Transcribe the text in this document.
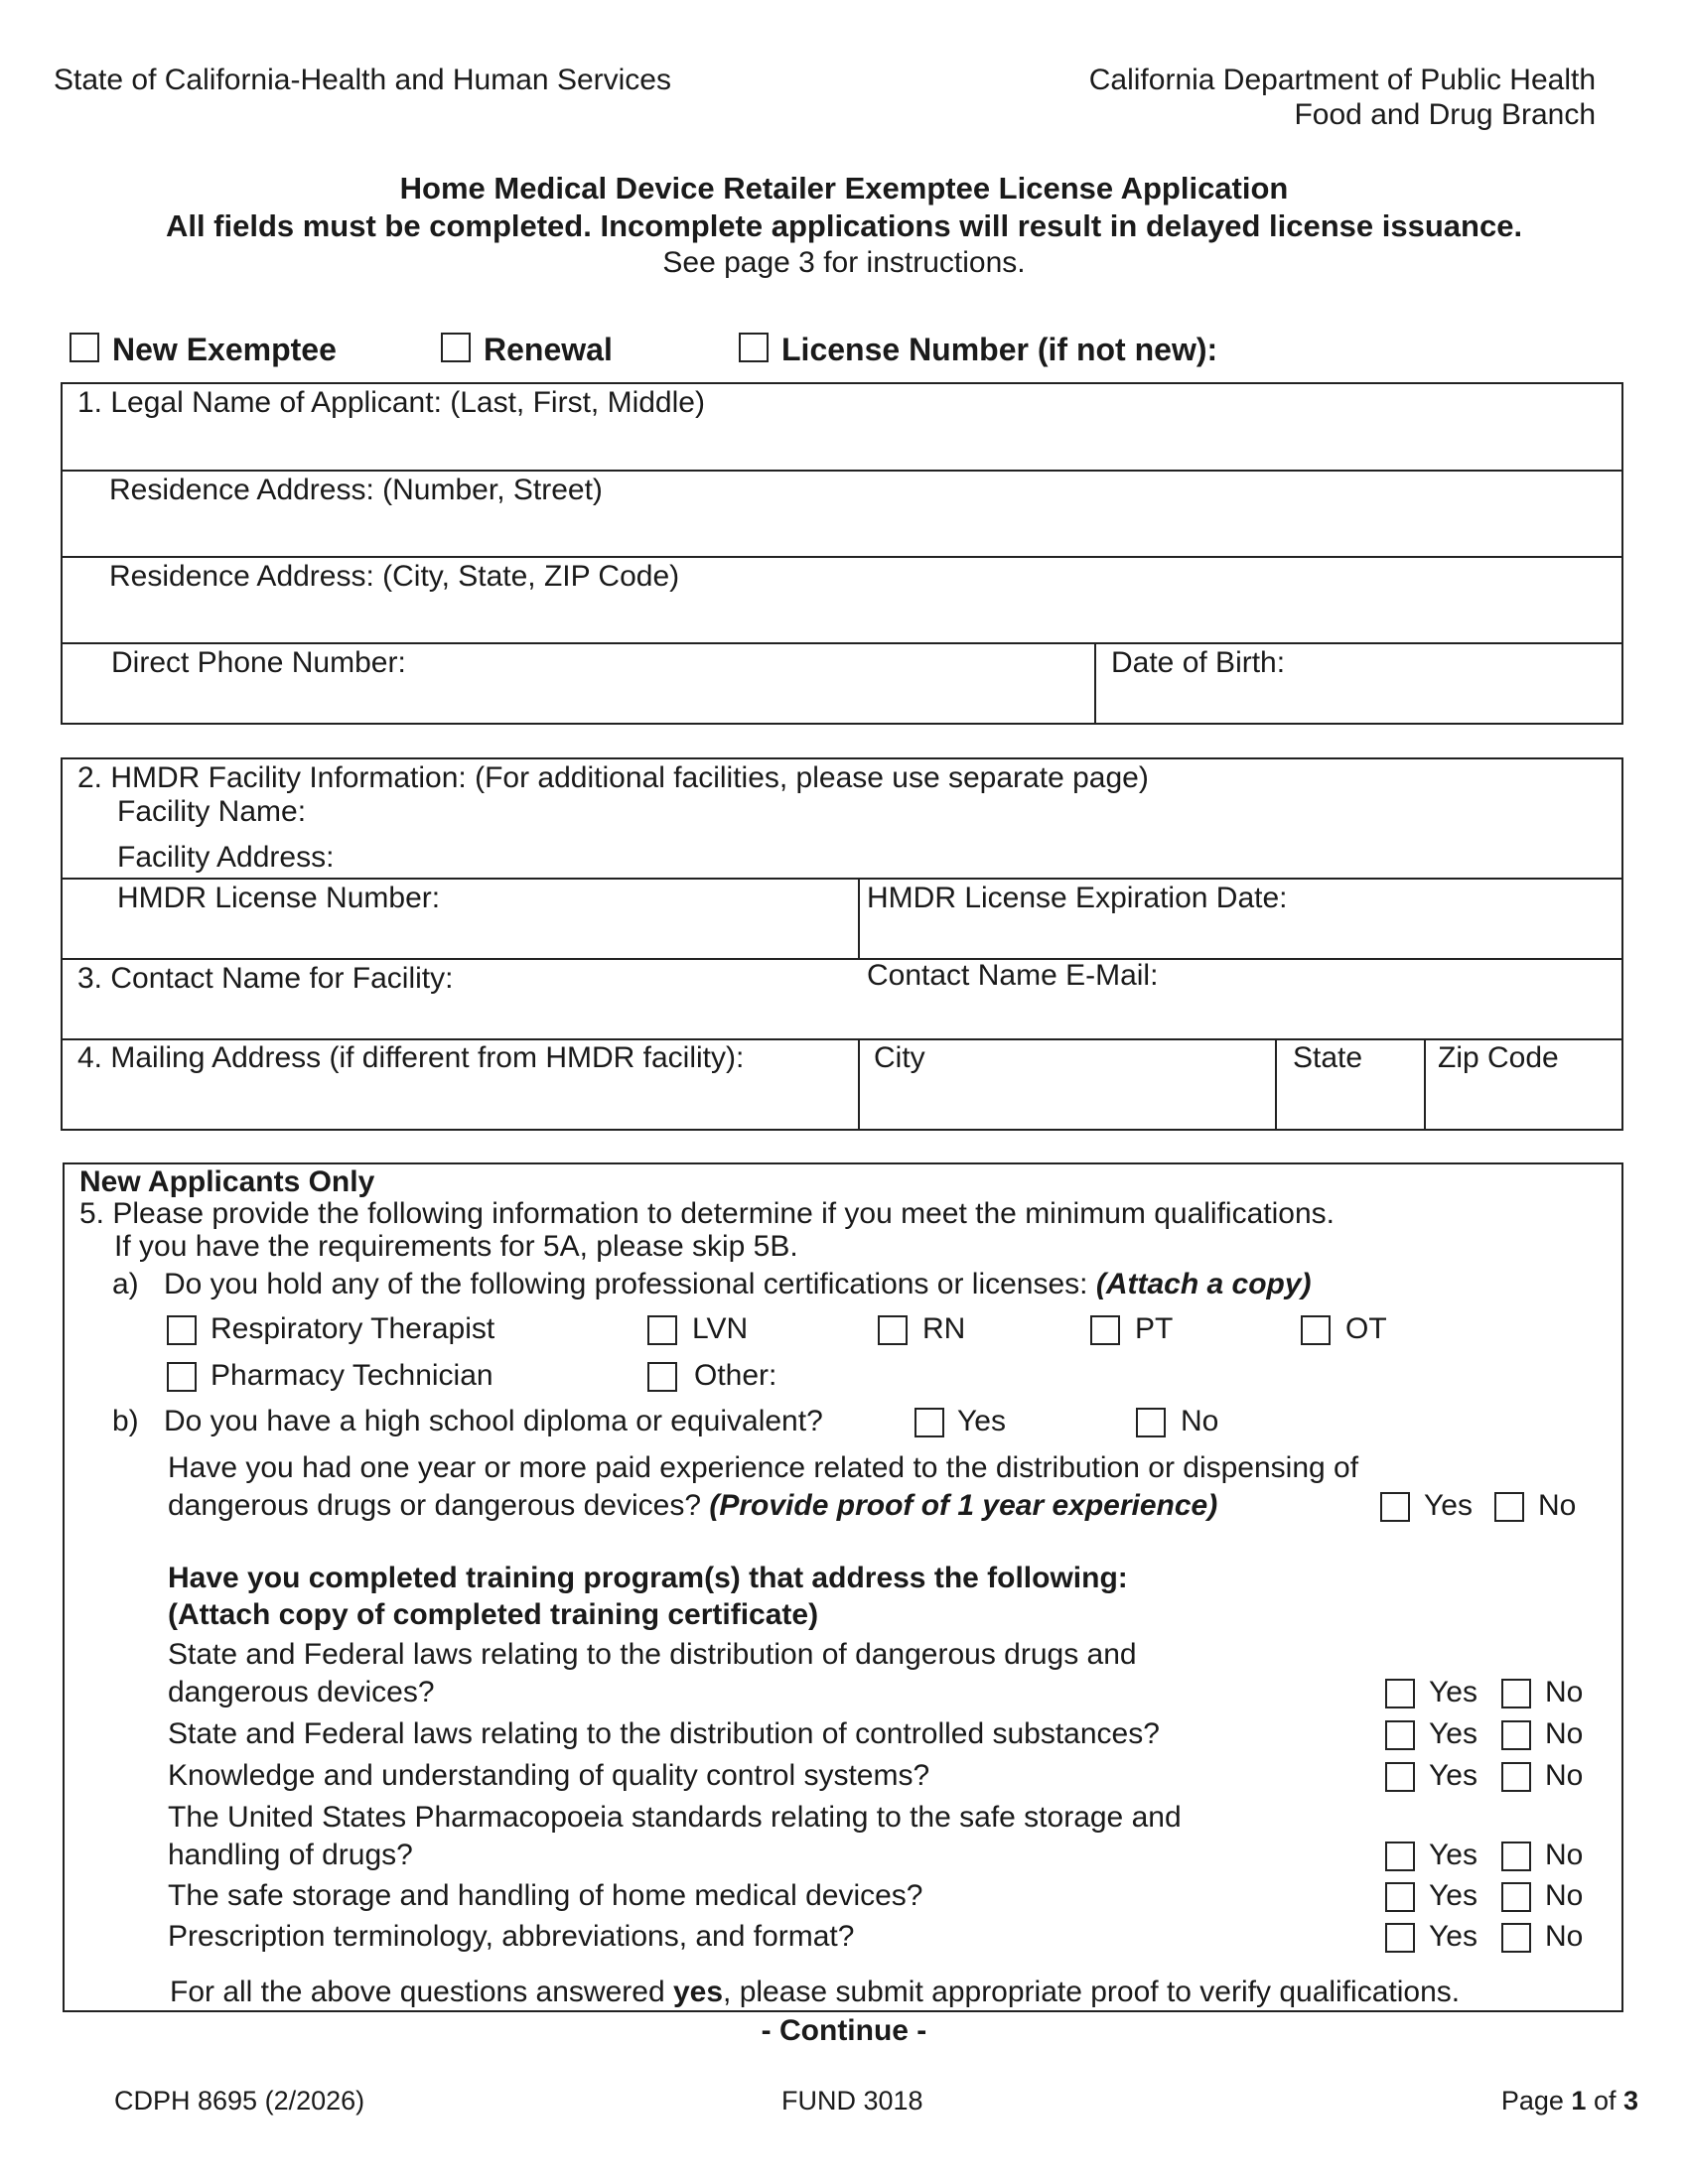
State of California-Health and Human Services	California Department of Public Health
Food and Drug Branch
Home Medical Device Retailer Exemptee License Application
All fields must be completed. Incomplete applications will result in delayed license issuance.
See page 3 for instructions.
New Exemptee	Renewal	License Number (if not new):
1. Legal Name of Applicant: (Last, First, Middle)
Residence Address: (Number, Street)
Residence Address: (City, State, ZIP Code)
Direct Phone Number:	Date of Birth:
2. HMDR Facility Information: (For additional facilities, please use separate page)
Facility Name:
Facility Address:
HMDR License Number:	HMDR License Expiration Date:
3. Contact Name for Facility:	Contact Name E-Mail:
4. Mailing Address (if different from HMDR facility):	City	State	Zip Code
New Applicants Only
5. Please provide the following information to determine if you meet the minimum qualifications.
If you have the requirements for 5A, please skip 5B.
a) Do you hold any of the following professional certifications or licenses: (Attach a copy)
Respiratory Therapist	LVN	RN	PT	OT
Pharmacy Technician	Other:
b) Do you have a high school diploma or equivalent?	Yes	No
Have you had one year or more paid experience related to the distribution or dispensing of
dangerous drugs or dangerous devices? (Provide proof of 1 year experience)	Yes No
Have you completed training program(s) that address the following:
(Attach copy of completed training certificate)
State and Federal laws relating to the distribution of dangerous drugs and
dangerous devices?	Yes No
State and Federal laws relating to the distribution of controlled substances?	Yes No
Knowledge and understanding of quality control systems?	Yes No
The United States Pharmacopoeia standards relating to the safe storage and
handling of drugs?	Yes No
The safe storage and handling of home medical devices?	Yes No
Prescription terminology, abbreviations, and format?	Yes No
For all the above questions answered yes, please submit appropriate proof to verify qualifications.
- Continue -
CDPH 8695 (2/2026)	FUND 3018	Page 1 of 3
